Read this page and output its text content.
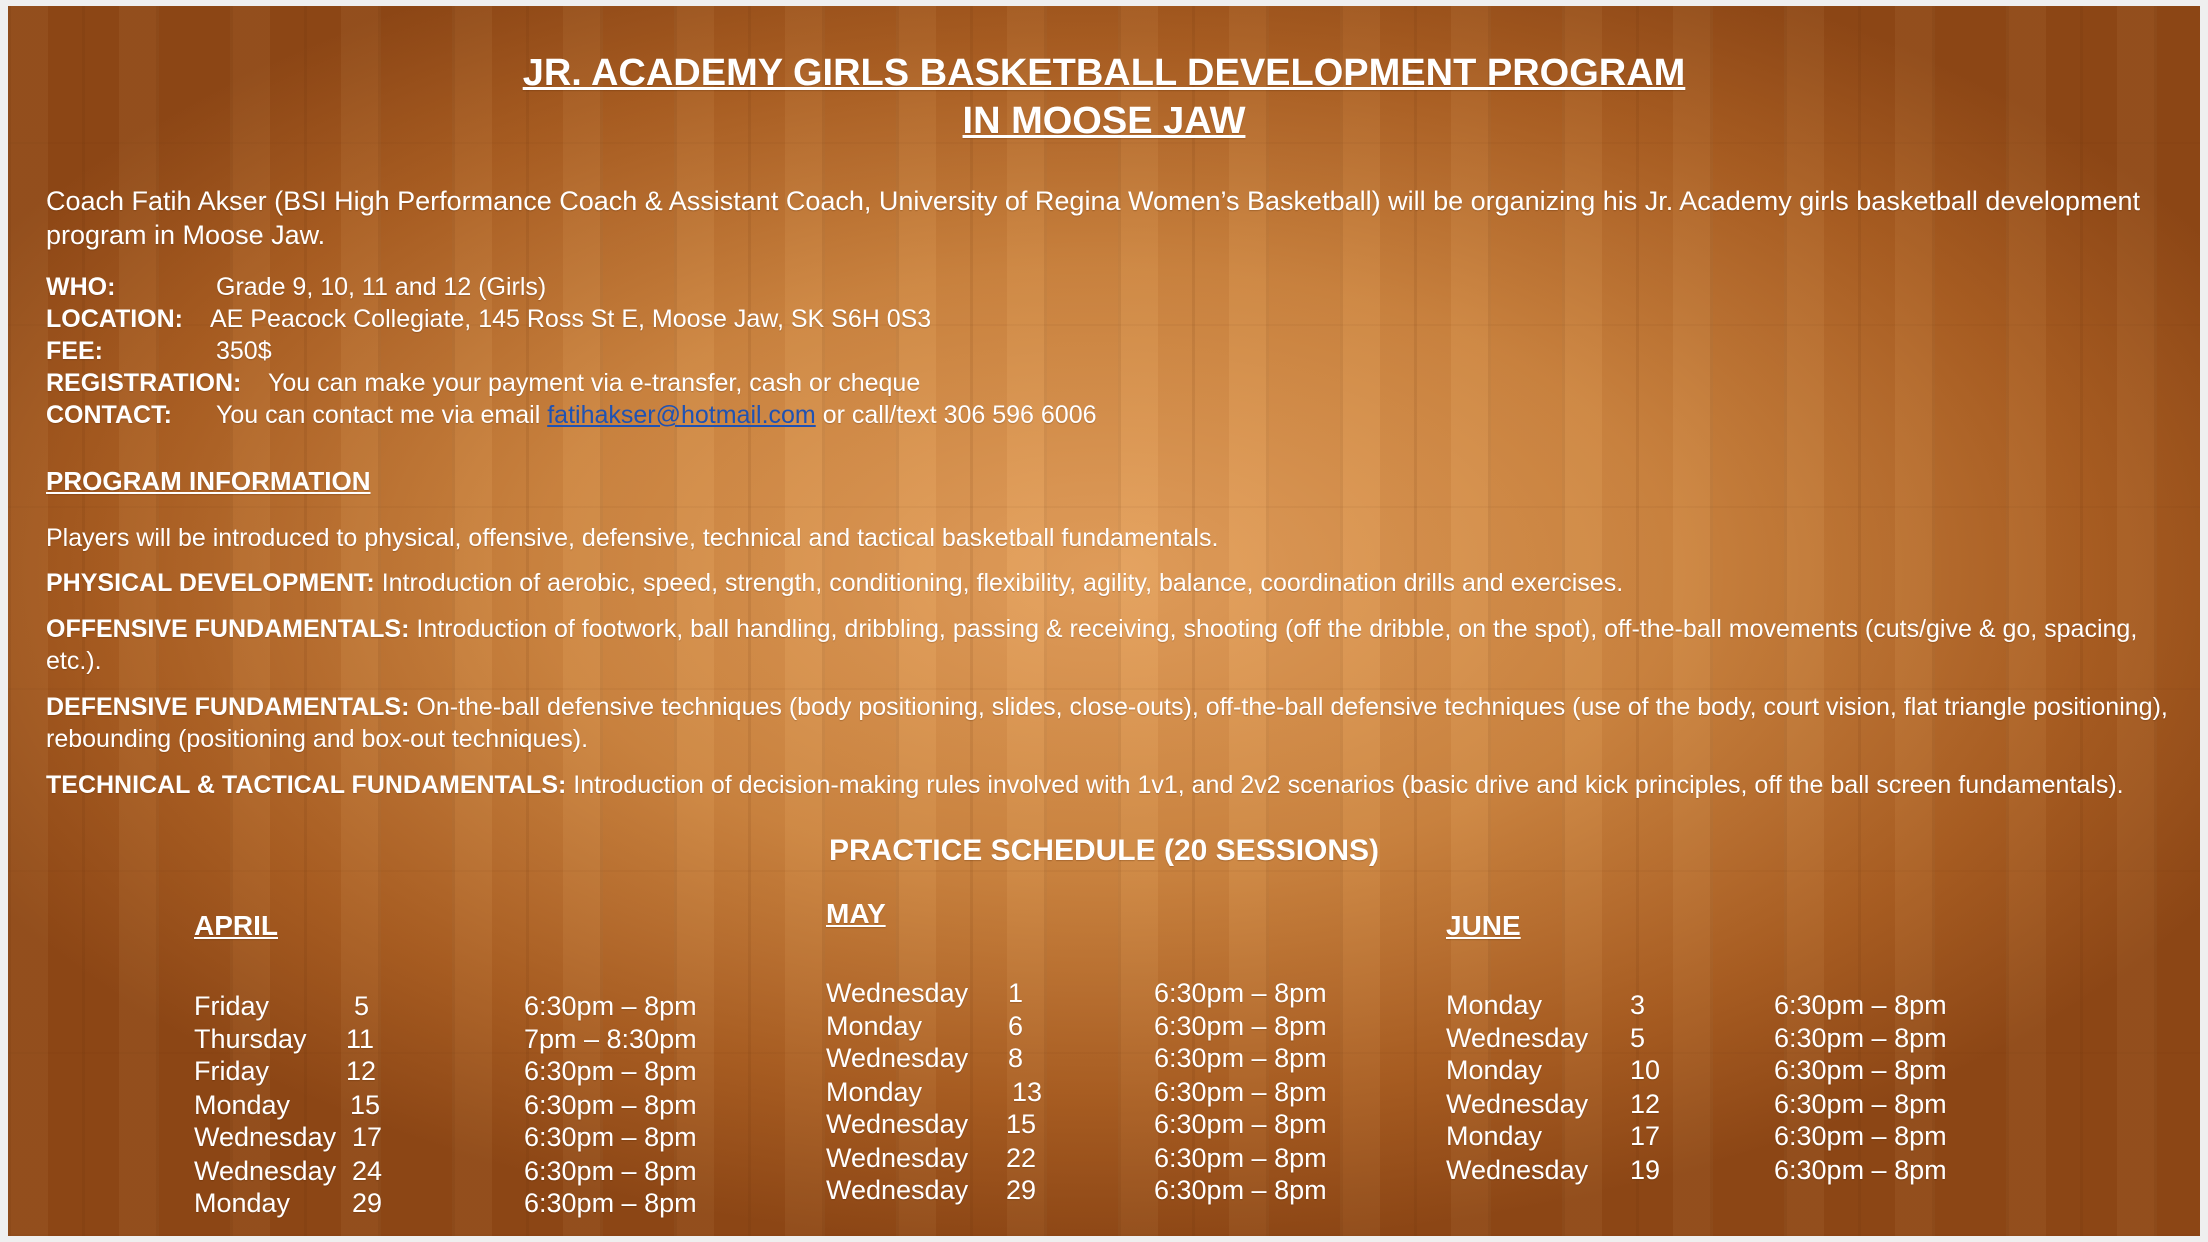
JR. ACADEMY GIRLS BASKETBALL DEVELOPMENT PROGRAM
IN MOOSE JAW
Coach Fatih Akser (BSI High Performance Coach & Assistant Coach, University of Regina Women’s Basketball) will be organizing his Jr. Academy girls basketball development program in Moose Jaw.
WHO:	Grade 9, 10, 11 and 12 (Girls)
LOCATION: AE Peacock Collegiate, 145 Ross St E, Moose Jaw, SK S6H 0S3
FEE:	350$
REGISTRATION: You can make your payment via e-transfer, cash or cheque
CONTACT: You can contact me via email fatihakser@hotmail.com or call/text 306 596 6006
PROGRAM INFORMATION
Players will be introduced to physical, offensive, defensive, technical and tactical basketball fundamentals.
PHYSICAL DEVELOPMENT: Introduction of aerobic, speed, strength, conditioning, flexibility, agility, balance, coordination drills and exercises.
OFFENSIVE FUNDAMENTALS: Introduction of footwork, ball handling, dribbling, passing & receiving, shooting (off the dribble, on the spot), off-the-ball movements (cuts/give & go, spacing, etc.).
DEFENSIVE FUNDAMENTALS: On-the-ball defensive techniques (body positioning, slides, close-outs), off-the-ball defensive techniques (use of the body, court vision, flat triangle positioning), rebounding (positioning and box-out techniques).
TECHNICAL & TACTICAL FUNDAMENTALS: Introduction of decision-making rules involved with 1v1, and 2v2 scenarios (basic drive and kick principles, off the ball screen fundamentals).
PRACTICE SCHEDULE (20 SESSIONS)
APRIL
Friday	5	6:30pm – 8pm
Thursday 11	7pm – 8:30pm
Friday	12	6:30pm – 8pm
Monday 15	6:30pm – 8pm
Wednesday 17	6:30pm – 8pm
Wednesday 24	6:30pm – 8pm
Monday 29	6:30pm – 8pm
MAY
Wednesday 1	6:30pm – 8pm
Monday	6	6:30pm – 8pm
Wednesday 8	6:30pm – 8pm
Monday	13	6:30pm – 8pm
Wednesday 15	6:30pm – 8pm
Wednesday 22	6:30pm – 8pm
Wednesday 29	6:30pm – 8pm
JUNE
Monday	3	6:30pm – 8pm
Wednesday 5	6:30pm – 8pm
Monday	10	6:30pm – 8pm
Wednesday 12	6:30pm – 8pm
Monday	17	6:30pm – 8pm
Wednesday 19	6:30pm – 8pm
